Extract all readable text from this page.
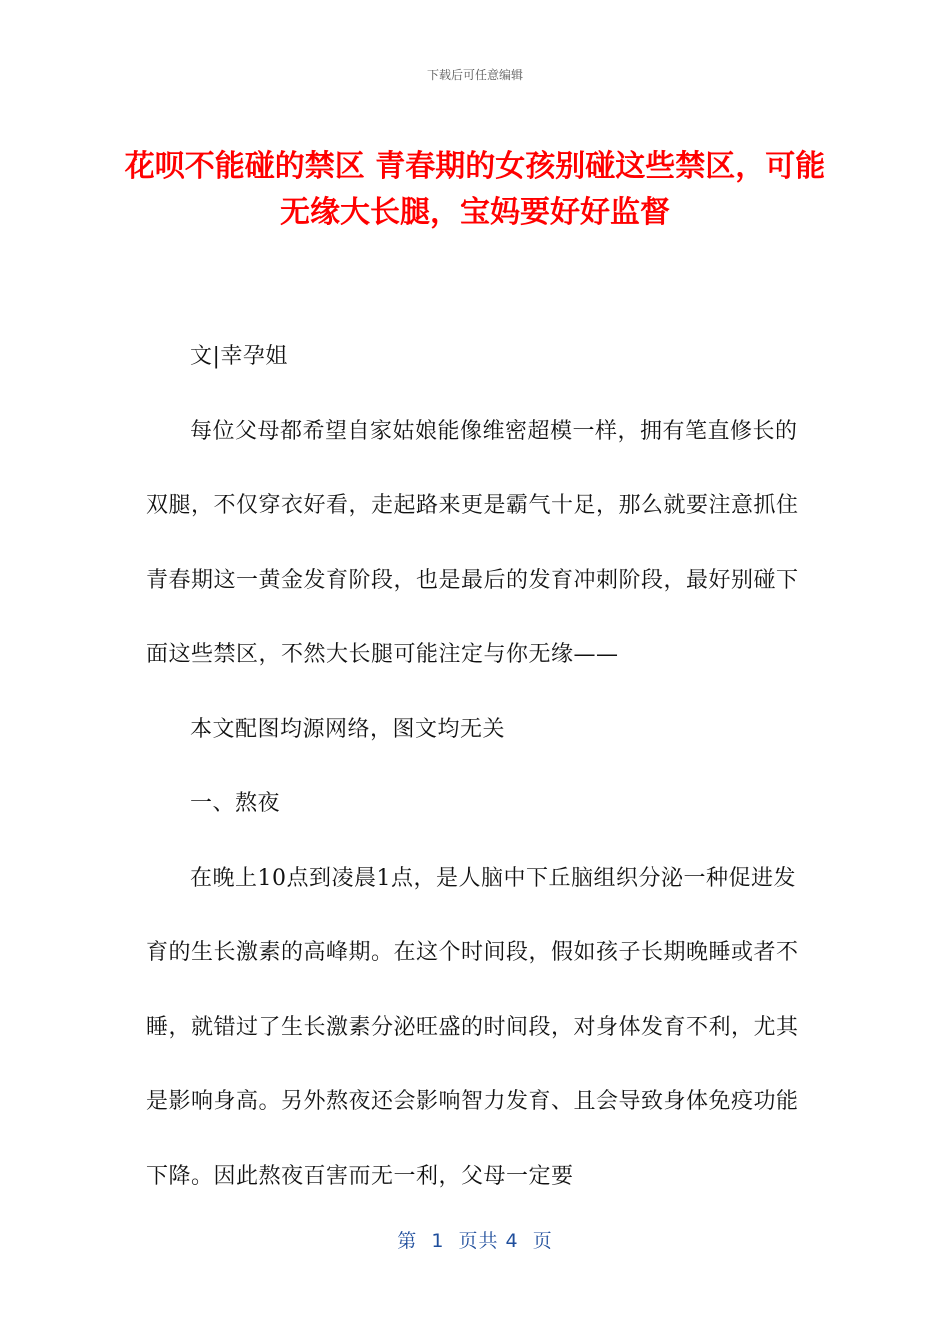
下载后可任意编辑
花呗不能碰的禁区 青春期的女孩别碰这些禁区，可能无缘大长腿，宝妈要好好监督

文|幸孕姐

每位父母都希望自家姑娘能像维密超模一样，拥有笔直修长的双腿，不仅穿衣好看，走起路来更是霸气十足，那么就要注意抓住青春期这一黄金发育阶段，也是最后的发育冲刺阶段，最好别碰下面这些禁区，不然大长腿可能注定与你无缘——

本文配图均源网络，图文均无关

一、熬夜

在晚上10点到凌晨1点，是人脑中下丘脑组织分泌一种促进发育的生长激素的高峰期。在这个时间段，假如孩子长期晚睡或者不睡，就错过了生长激素分泌旺盛的时间段，对身体发育不利，尤其是影响身高。另外熬夜还会影响智力发育、且会导致身体免疫功能下降。因此熬夜百害而无一利，父母一定要

第  1  页共 4  页
